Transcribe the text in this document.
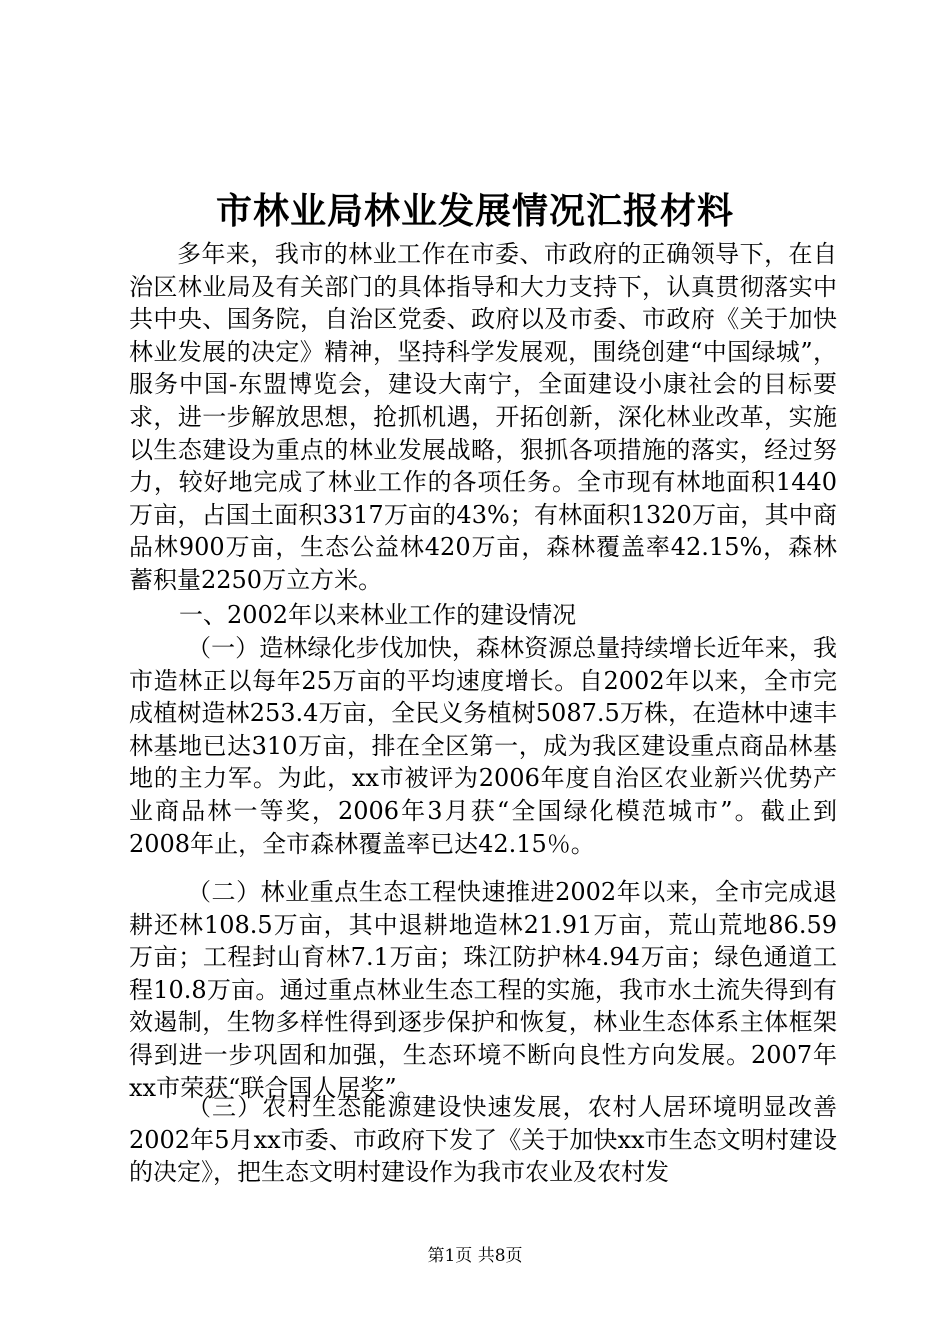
市林业局林业发展情况汇报材料

多年来，我市的林业工作在市委、市政府的正确领导下，在自治区林业局及有关部门的具体指导和大力支持下，认真贯彻落实中共中央、国务院，自治区党委、政府以及市委、市政府《关于加快林业发展的决定》精神，坚持科学发展观，围绕创建“中国绿城”，服务中国-东盟博览会，建设大南宁，全面建设小康社会的目标要求，进一步解放思想，抢抓机遇，开拓创新，深化林业改革，实施以生态建设为重点的林业发展战略，狠抓各项措施的落实，经过努力，较好地完成了林业工作的各项任务。全市现有林地面积1440万亩，占国土面积3317万亩的43%；有林面积1320万亩，其中商品林900万亩，生态公益林420万亩，森林覆盖率42.15%，森林蓄积量2250万立方米。

一、2002年以来林业工作的建设情况

（一）造林绿化步伐加快，森林资源总量持续增长近年来，我市造林正以每年25万亩的平均速度增长。自2002年以来，全市完成植树造林253.4万亩，全民义务植树5087.5万株，在造林中速丰林基地已达310万亩，排在全区第一，成为我区建设重点商品林基地的主力军。为此，xx市被评为2006年度自治区农业新兴优势产业商品林一等奖，2006年3月获“全国绿化模范城市”。截止到2008年止，全市森林覆盖率已达42.15％。

（二）林业重点生态工程快速推进2002年以来，全市完成退耕还林108.5万亩，其中退耕地造林21.91万亩，荒山荒地86.59万亩；工程封山育林7.1万亩；珠江防护林4.94万亩；绿色通道工程10.8万亩。通过重点林业生态工程的实施，我市水土流失得到有效遏制，生物多样性得到逐步保护和恢复，林业生态体系主体框架得到进一步巩固和加强，生态环境不断向良性方向发展。2007年xx市荣获“联合国人居奖”。

（三）农村生态能源建设快速发展，农村人居环境明显改善2002年5月xx市委、市政府下发了《关于加快xx市生态文明村建设的决定》，把生态文明村建设作为我市农业及农村发

第1页 共8页
